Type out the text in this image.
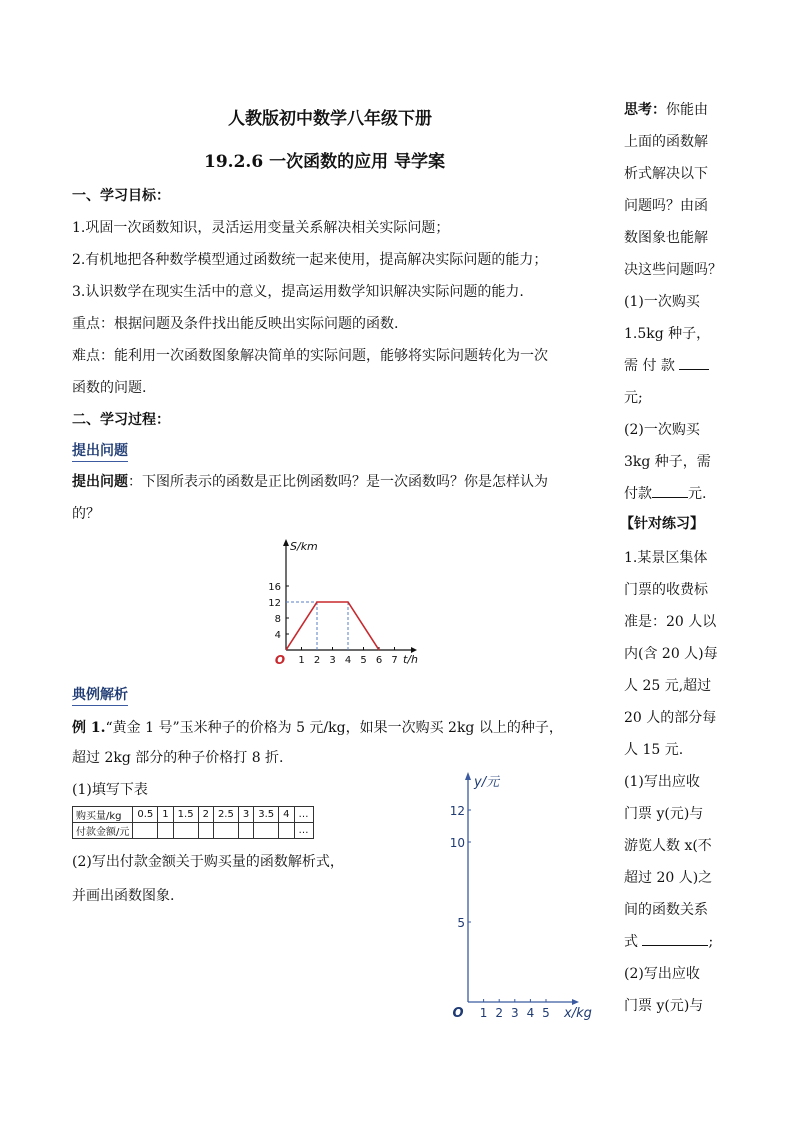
人教版初中数学八年级下册
19.2.6 一次函数的应用 导学案
一、学习目标：
1.巩固一次函数知识，灵活运用变量关系解决相关实际问题；
2.有机地把各种数学模型通过函数统一起来使用，提高解决实际问题的能力；
3.认识数学在现实生活中的意义，提高运用数学知识解决实际问题的能力.
重点：根据问题及条件找出能反映出实际问题的函数.
难点：能利用一次函数图象解决简单的实际问题，能够将实际问题转化为一次
函数的问题.
二、学习过程：
提出问题
提出问题：下图所表示的函数是正比例函数吗？是一次函数吗？你是怎样认为
的？
1 2 3 4 5 6 7
4
8
12
16
O
S/km
t/h
典例解析
例 1.“黄金 1 号”玉米种子的价格为 5 元/kg，如果一次购买 2kg 以上的种子，
超过 2kg 部分的种子价格打 8 折.
(1)填写下表
购买量/kg	0.5	1	1.5	2	2.5	3	3.5	4	…
付款金额/元									…
(2)写出付款金额关于购买量的函数解析式，
并画出函数图象.
1 2 3 4 5
5
10
12
O
y/元
x/kg
思考：你能由
上面的函数解
析式解决以下
问题吗？由函
数图象也能解
决这些问题吗？
(1)一次购买
1.5kg 种子，
需 付 款
元;
(2)一次购买
3kg 种子，需
付款	元.
【针对练习】
1.某景区集体
门票的收费标
准是：20 人以
内(含 20 人)每
人 25 元,超过
20 人的部分每
人 15 元.
(1)写出应收
门票 y(元)与
游览人数 x(不
超过 20 人)之
间的函数关系
式	;
(2)写出应收
门票 y(元)与
